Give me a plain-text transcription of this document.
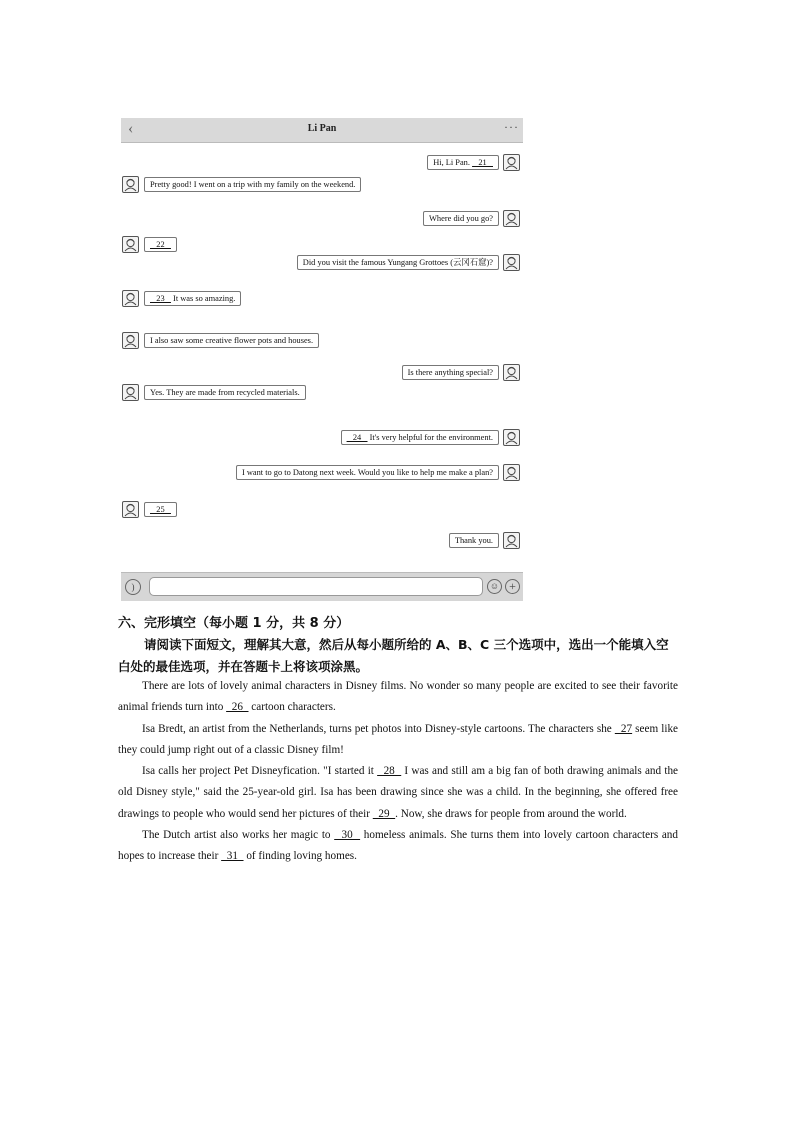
‹	Li Pan	···
Hi, Li Pan.    21
Pretty good! I went on a trip with my family on the weekend.
Where did you go?
22
Did you visit the famous Yungang Grottoes (云冈石窟)?
23    It was so amazing.
I also saw some creative flower pots and houses.
Is there anything special?
Yes. They are made from recycled materials.
24    It's very helpful for the environment.
I want to go to Datong next week. Would you like to help me make a plan?
25
Thank you.
)	☺ +
六、完形填空（每小题 1 分，共 8 分）
请阅读下面短文，理解其大意，然后从每小题所给的 A、B、C 三个选项中，选出一个能填入空白处的最佳选项，并在答题卡上将该项涂黑。

There are lots of lovely animal characters in Disney films. No wonder so many people are excited to see their favorite animal friends turn into   26   cartoon characters.

Isa Bredt, an artist from the Netherlands, turns pet photos into Disney-style cartoons. The characters she   27 seem like they could jump right out of a classic Disney film!

Isa calls her project Pet Disneyfication. "I started it   28   I was and still am a big fan of both drawing animals and the old Disney style," said the 25-year-old girl. Isa has been drawing since she was a child. In the beginning, she offered free drawings to people who would send her pictures of their   29  . Now, she draws for people from around the world.

The Dutch artist also works her magic to   30   homeless animals. She turns them into lovely cartoon characters and hopes to increase their   31   of finding loving homes.
